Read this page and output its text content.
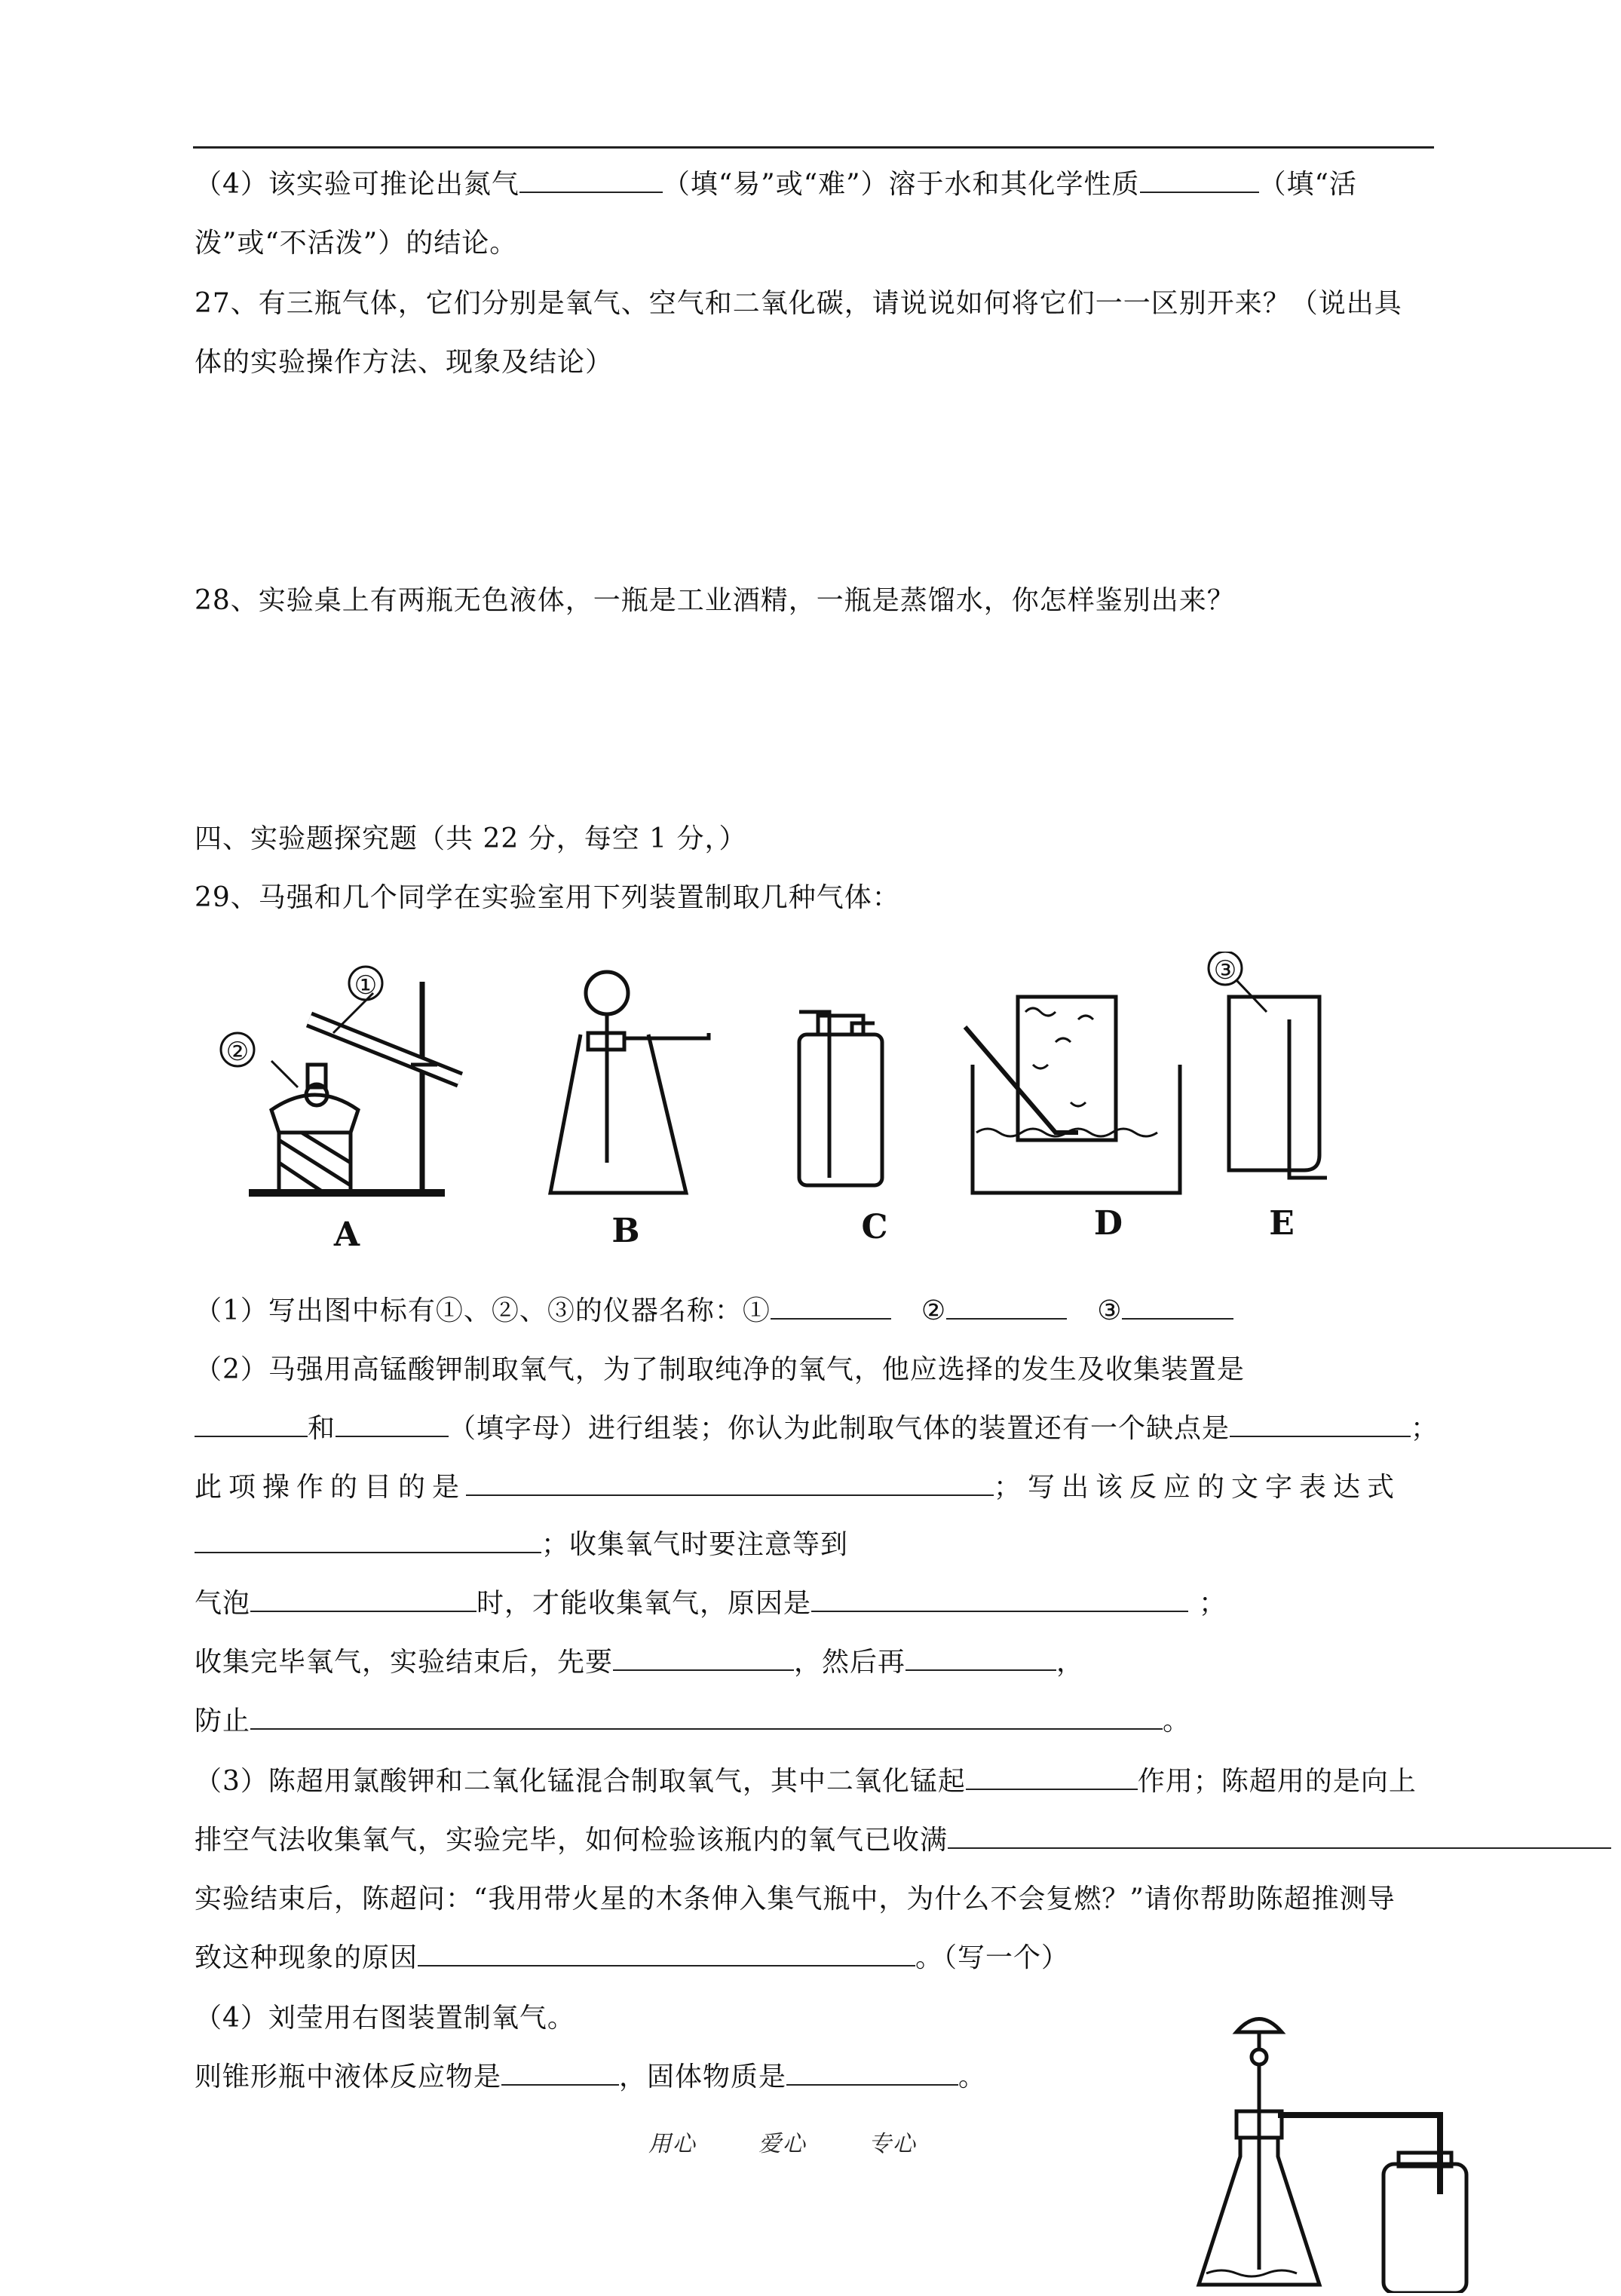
（4）该实验可推论出氮气	（填“易”或“难”）溶于水和其化学性质	（填“活
泼”或“不活泼”）的结论。
27、有三瓶气体，它们分别是氧气、空气和二氧化碳，请说说如何将它们一一区别开来？（说出具
体的实验操作方法、现象及结论）
28、实验桌上有两瓶无色液体，一瓶是工业酒精，一瓶是蒸馏水，你怎样鉴别出来？
四、实验题探究题（共 22 分，每空 1 分，）
29、马强和几个同学在实验室用下列装置制取几种气体：
A	B	C	D	E
①
②
③
（1）写出图中标有①、②、③的仪器名称：①	②	③
（2）马强用高锰酸钾制取氧气，为了制取纯净的氧气，他应选择的发生及收集装置是
和	（填字母）进行组装；你认为此制取气体的装置还有一个缺点是	；
此项操作的目的是	；写出该反应的文字表达式
；收集氧气时要注意等到
气泡	时，才能收集氧气，原因是	；
收集完毕氧气，实验结束后，先要	，然后再	，
防止	。
（3）陈超用氯酸钾和二氧化锰混合制取氧气，其中二氧化锰起	作用；陈超用的是向上
排空气法收集氧气，实验完毕，如何检验该瓶内的氧气已收满
实验结束后，陈超问：“我用带火星的木条伸入集气瓶中，为什么不会复燃？”请你帮助陈超推测导
致这种现象的原因	。（写一个）
（4）刘莹用右图装置制氧气。
则锥形瓶中液体反应物是	，固体物质是	。
用心	爱心	专心
